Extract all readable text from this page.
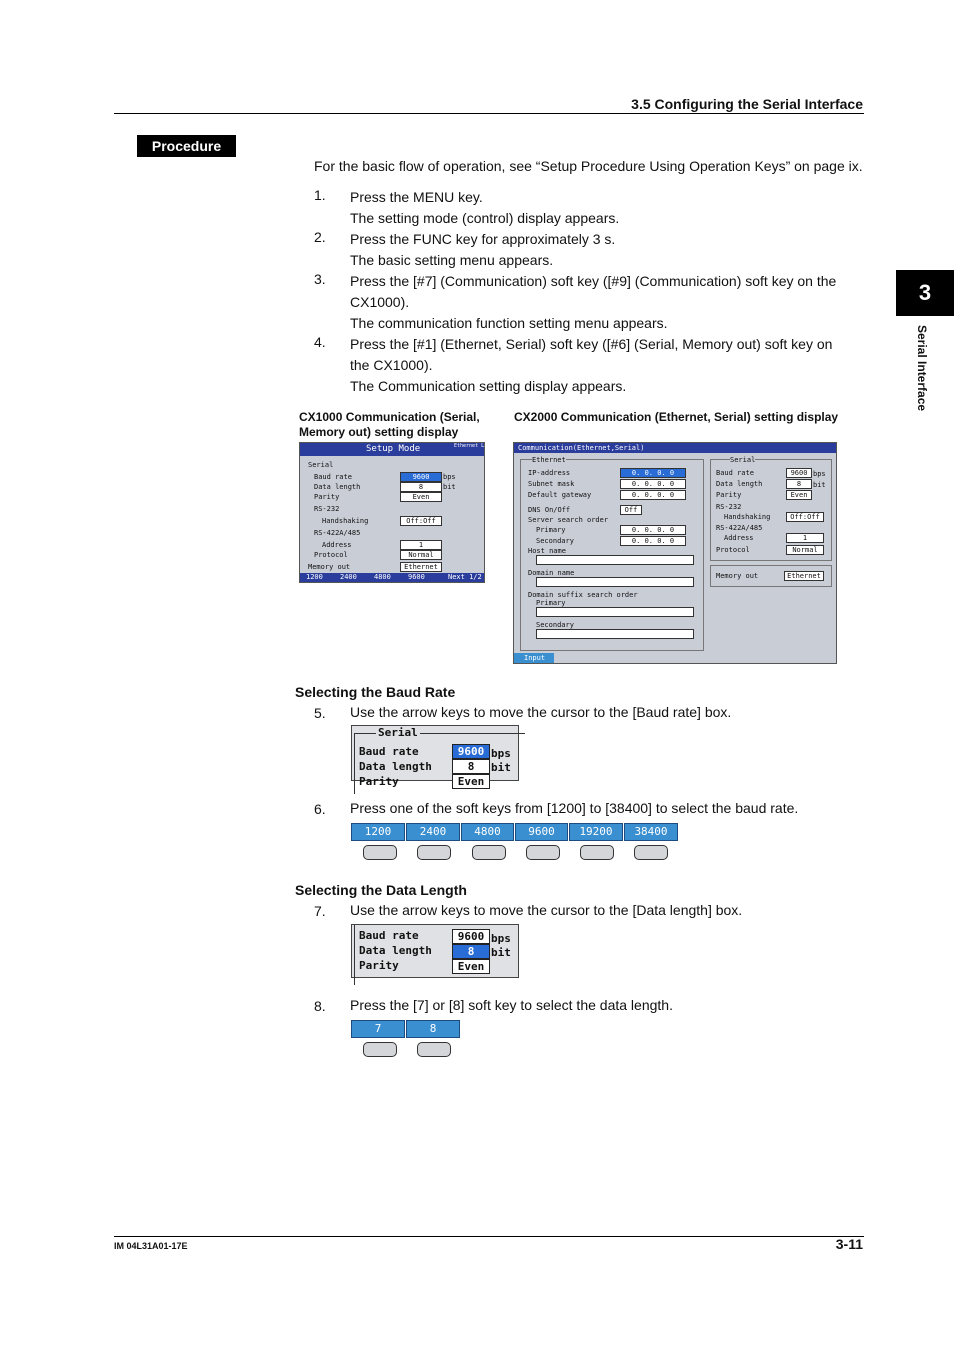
3.5 Configuring the Serial Interface
Procedure
For the basic flow of operation, see “Setup Procedure Using Operation Keys” on page ix.
1.	Press the MENU key.
The setting mode (control) display appears.
2.	Press the FUNC key for approximately 3 s.
The basic setting menu appears.
3.	Press the [#7] (Communication) soft key ([#9] (Communication) soft key on the
CX1000).
The communication function setting menu appears.
4.	Press the [#1] (Ethernet, Serial) soft key ([#6] (Serial, Memory out) soft key on
the CX1000).
The Communication setting display appears.
3
Serial Interface
CX1000 Communication (Serial,
Memory out) setting display
CX2000 Communication (Ethernet, Serial) setting display
Setup Mode	Ethernet Link
Serial
Baud rate	9600	bps
Data length	8	bit
Parity	Even
RS-232
Handshaking	Off:Off
RS-422A/485
Address	1
Protocol	Normal
Memory out	Ethernet
1200 2400 4800 9600	Next 1/2
Communication(Ethernet,Serial)
Ethernet
IP-address	0. 0. 0. 0
Subnet mask	0. 0. 0. 0
Default gateway	0. 0. 0. 0
DNS On/Off	Off
Server search order
Primary	0. 0. 0. 0
Secondary	0. 0. 0. 0
Host name
Domain name
Domain suffix search order
Primary
Secondary
Serial
Baud rate	9600 bps
Data length	8	bit
Parity	Even
RS-232
Handshaking	Off:Off
RS-422A/485
Address	1
Protocol	Normal
Memory out	Ethernet
Input
Selecting the Baud Rate
5.	Use the arrow keys to move the cursor to the [Baud rate] box.
Serial
Baud rate	9600 bps
Data length	8	bit
Parity	Even
6.	Press one of the soft keys from [1200] to [38400] to select the baud rate.
1200	2400	4800	9600	19200	38400
Selecting the Data Length
7.	Use the arrow keys to move the cursor to the [Data length] box.
Baud rate	9600 bps
Data length	8	bit
Parity	Even
8.	Press the [7] or [8] soft key to select the data length.
7	8
IM 04L31A01-17E	3-11
